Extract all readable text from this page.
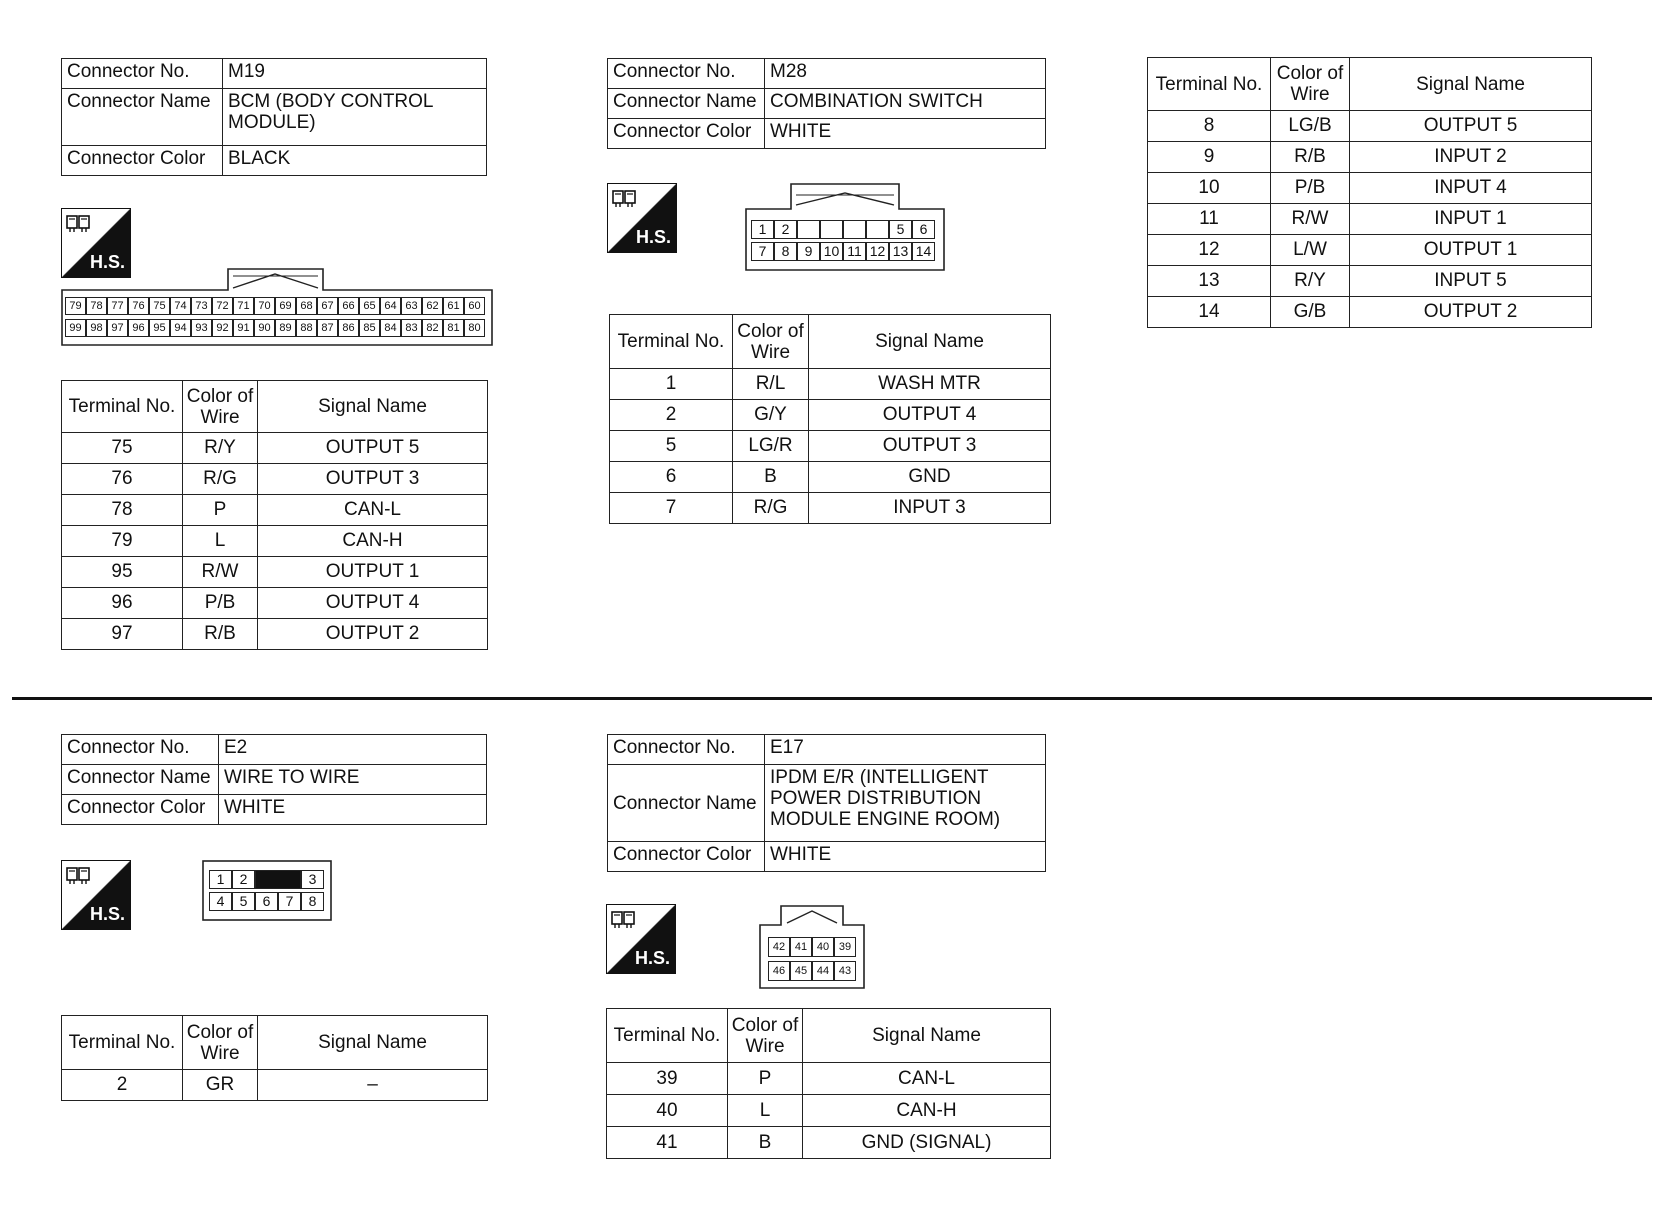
Connector No.	M19
Connector Name	BCM (BODY CONTROL MODULE)
Connector Color	BLACK
H.S.
79 78 77 76 75 74 73 72 71 70 69 68 67 66 65 64 63 62 61 60
99 98 97 96 95 94 93 92 91 90 89 88 87 86 85 84 83 82 81 80
Terminal No.	Color of Wire	Signal Name
75	R/Y	OUTPUT 5
76	R/G	OUTPUT 3
78	P	CAN-L
79	L	CAN-H
95	R/W	OUTPUT 1
96	P/B	OUTPUT 4
97	R/B	OUTPUT 2
Connector No.	M28
Connector Name	COMBINATION SWITCH
Connector Color	WHITE
H.S.	1	2	5	6
7	8	9 10 11 12 13 14
Terminal No.	Color of Wire	Signal Name
1	R/L	WASH MTR
2	G/Y	OUTPUT 4
5	LG/R	OUTPUT 3
6	B	GND
7	R/G	INPUT 3
Terminal No.	Color of Wire	Signal Name
8	LG/B	OUTPUT 5
9	R/B	INPUT 2
10	P/B	INPUT 4
11	R/W	INPUT 1
12	L/W	OUTPUT 1
13	R/Y	INPUT 5
14	G/B	OUTPUT 2
Connector No.	E2
Connector Name	WIRE TO WIRE
Connector Color	WHITE
H.S.
1	2	3
4	5	6	7	8
Terminal No.	Color of Wire	Signal Name
2	GR	–
Connector No.	E17
Connector Name	IPDM E/R (INTELLIGENT POWER DISTRIBUTION MODULE ENGINE ROOM)
Connector Color	WHITE
H.S.
42 41 40 39
46 45 44 43
Terminal No.	Color of Wire	Signal Name
39	P	CAN-L
40	L	CAN-H
41	B	GND (SIGNAL)
